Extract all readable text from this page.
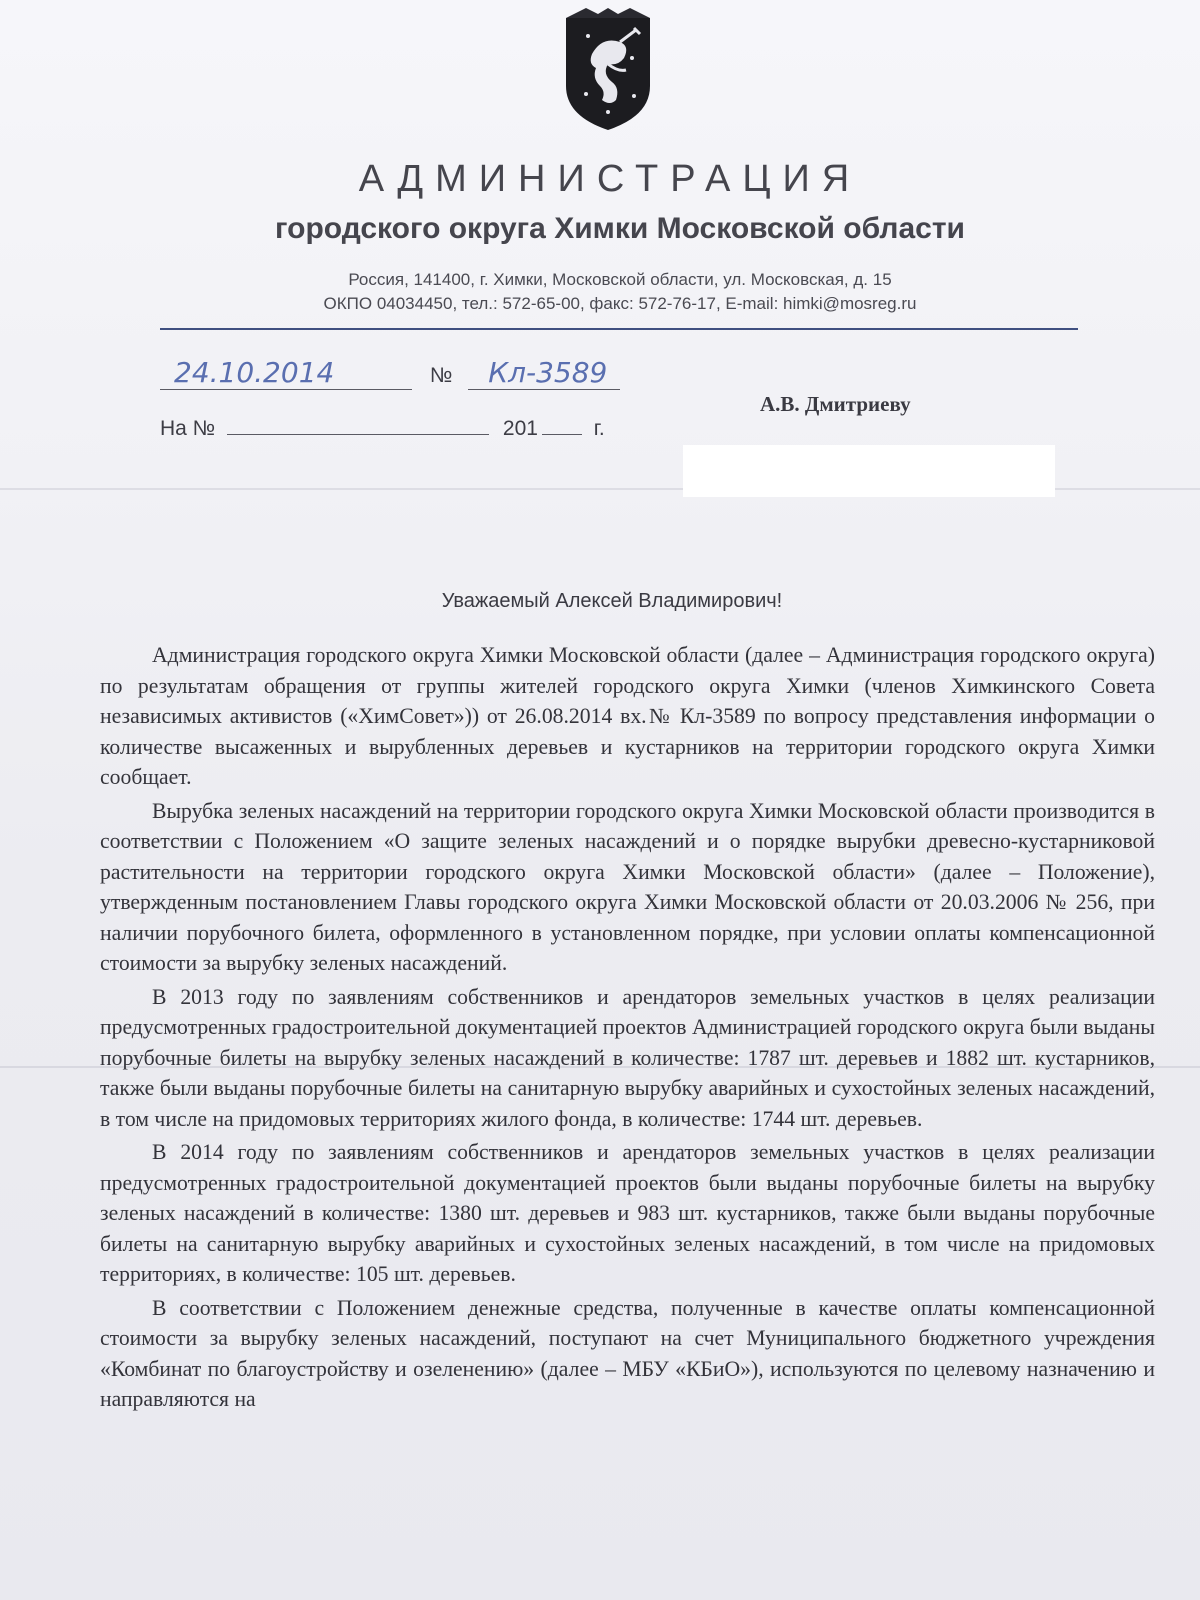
АДМИНИСТРАЦИЯ
городского округа Химки Московской области
Россия, 141400, г. Химки, Московской области, ул. Московская, д. 15
ОКПО 04034450, тел.: 572-65-00, факс: 572-76-17, E-mail: himki@mosreg.ru
24.10.2014	№ Кл-3589
На №	201	г.
А.В. Дмитриеву
Уважаемый Алексей Владимирович!

Администрация городского округа Химки Московской области (далее – Администрация городского округа) по результатам обращения от группы жителей городского округа Химки (членов Химкинского Совета независимых активистов («ХимСовет»)) от 26.08.2014 вх.№ Кл-3589 по вопросу представления информации о количестве высаженных и вырубленных деревьев и кустарников на территории городского округа Химки сообщает.

Вырубка зеленых насаждений на территории городского округа Химки Московской области производится в соответствии с Положением «О защите зеленых насаждений и о порядке вырубки древесно-кустарниковой растительности на территории городского округа Химки Московской области» (далее – Положение), утвержденным постановлением Главы городского округа Химки Московской области от 20.03.2006 № 256, при наличии порубочного билета, оформленного в установленном порядке, при условии оплаты компенсационной стоимости за вырубку зеленых насаждений.

В 2013 году по заявлениям собственников и арендаторов земельных участков в целях реализации предусмотренных градостроительной документацией проектов Администрацией городского округа были выданы порубочные билеты на вырубку зеленых насаждений в количестве: 1787 шт. деревьев и 1882 шт. кустарников, также были выданы порубочные билеты на санитарную вырубку аварийных и сухостойных зеленых насаждений, в том числе на придомовых территориях жилого фонда, в количестве: 1744 шт. деревьев.

В 2014 году по заявлениям собственников и арендаторов земельных участков в целях реализации предусмотренных градостроительной документацией проектов были выданы порубочные билеты на вырубку зеленых насаждений в количестве: 1380 шт. деревьев и 983 шт. кустарников, также были выданы порубочные билеты на санитарную вырубку аварийных и сухостойных зеленых насаждений, в том числе на придомовых территориях, в количестве: 105 шт. деревьев.

В соответствии с Положением денежные средства, полученные в качестве оплаты компенсационной стоимости за вырубку зеленых насаждений, поступают на счет Муниципального бюджетного учреждения «Комбинат по благоустройству и озеленению» (далее – МБУ «КБиО»), используются по целевому назначению и направляются на
